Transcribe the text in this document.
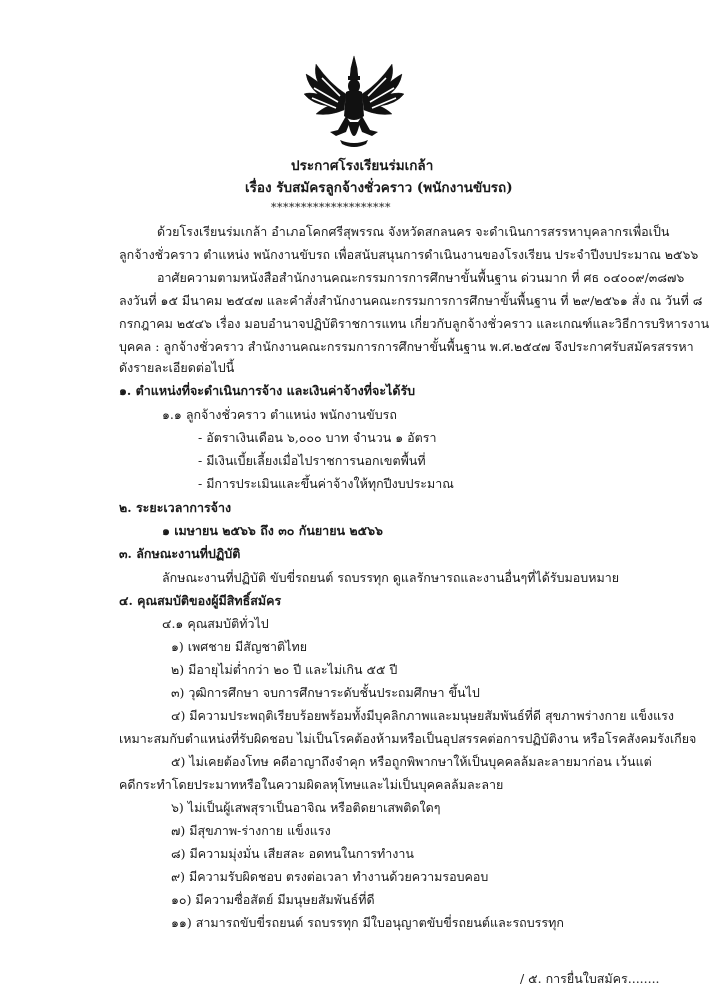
ประกาศโรงเรียนร่มเกล้า
เรื่อง รับสมัครลูกจ้างชั่วคราว (พนักงานขับรถ)
********************
ด้วยโรงเรียนร่มเกล้า อำเภอโคกศรีสุพรรณ จังหวัดสกลนคร จะดำเนินการสรรหาบุคลากรเพื่อเป็น
ลูกจ้างชั่วคราว ตำแหน่ง พนักงานขับรถ เพื่อสนับสนุนการดำเนินงานของโรงเรียน ประจำปีงบประมาณ ๒๕๖๖
อาศัยความตามหนังสือสำนักงานคณะกรรมการการศึกษาขั้นพื้นฐาน ด่วนมาก ที่ ศธ ๐๔๐๐๙/๓๘๗๖
ลงวันที่ ๑๕ มีนาคม ๒๕๔๗ และคำสั่งสำนักงานคณะกรรมการการศึกษาขั้นพื้นฐาน ที่ ๒๙/๒๕๖๑ สั่ง ณ วันที่ ๘
กรกฎาคม ๒๕๔๖ เรื่อง มอบอำนาจปฏิบัติราชการแทน เกี่ยวกับลูกจ้างชั่วคราว และเกณฑ์และวิธีการบริหารงาน
บุคคล : ลูกจ้างชั่วคราว สำนักงานคณะกรรมการการศึกษาขั้นพื้นฐาน พ.ศ.๒๕๔๗ จึงประกาศรับสมัครสรรหา
ดังรายละเอียดต่อไปนี้
๑. ตำแหน่งที่จะดำเนินการจ้าง และเงินค่าจ้างที่จะได้รับ
๑.๑ ลูกจ้างชั่วคราว ตำแหน่ง พนักงานขับรถ
- อัตราเงินเดือน ๖,๐๐๐ บาท จำนวน ๑ อัตรา
- มีเงินเบี้ยเลี้ยงเมื่อไปราชการนอกเขตพื้นที่
- มีการประเมินและขึ้นค่าจ้างให้ทุกปีงบประมาณ
๒. ระยะเวลาการจ้าง
๑ เมษายน ๒๕๖๖ ถึง ๓๐ กันยายน ๒๕๖๖
๓. ลักษณะงานที่ปฏิบัติ
ลักษณะงานที่ปฏิบัติ ขับขี่รถยนต์ รถบรรทุก ดูแลรักษารถและงานอื่นๆที่ได้รับมอบหมาย
๔. คุณสมบัติของผู้มีสิทธิ์สมัคร
๔.๑ คุณสมบัติทั่วไป
๑) เพศชาย มีสัญชาติไทย
๒) มีอายุไม่ต่ำกว่า ๒๐ ปี และไม่เกิน ๕๕ ปี
๓) วุฒิการศึกษา จบการศึกษาระดับชั้นประถมศึกษา ขึ้นไป
๔) มีความประพฤติเรียบร้อยพร้อมทั้งมีบุคลิกภาพและมนุษยสัมพันธ์ที่ดี สุขภาพร่างกาย แข็งแรง
เหมาะสมกับตำแหน่งที่รับผิดชอบ ไม่เป็นโรคต้องห้ามหรือเป็นอุปสรรคต่อการปฏิบัติงาน หรือโรคสังคมรังเกียจ
๕) ไม่เคยต้องโทษ คดีอาญาถึงจำคุก หรือถูกพิพากษาให้เป็นบุคคลล้มละลายมาก่อน เว้นแต่
คดีกระทำโดยประมาทหรือในความผิดลหุโทษและไม่เป็นบุคคลล้มละลาย
๖) ไม่เป็นผู้เสพสุราเป็นอาจิณ หรือติดยาเสพติดใดๆ
๗) มีสุขภาพ-ร่างกาย แข็งแรง
๘) มีความมุ่งมั่น เสียสละ อดทนในการทำงาน
๙) มีความรับผิดชอบ ตรงต่อเวลา ทำงานด้วยความรอบคอบ
๑๐) มีความซื่อสัตย์ มีมนุษยสัมพันธ์ที่ดี
๑๑) สามารถขับขี่รถยนต์ รถบรรทุก มีใบอนุญาตขับขี่รถยนต์และรถบรรทุก
/ ๕. การยื่นใบสมัคร........
